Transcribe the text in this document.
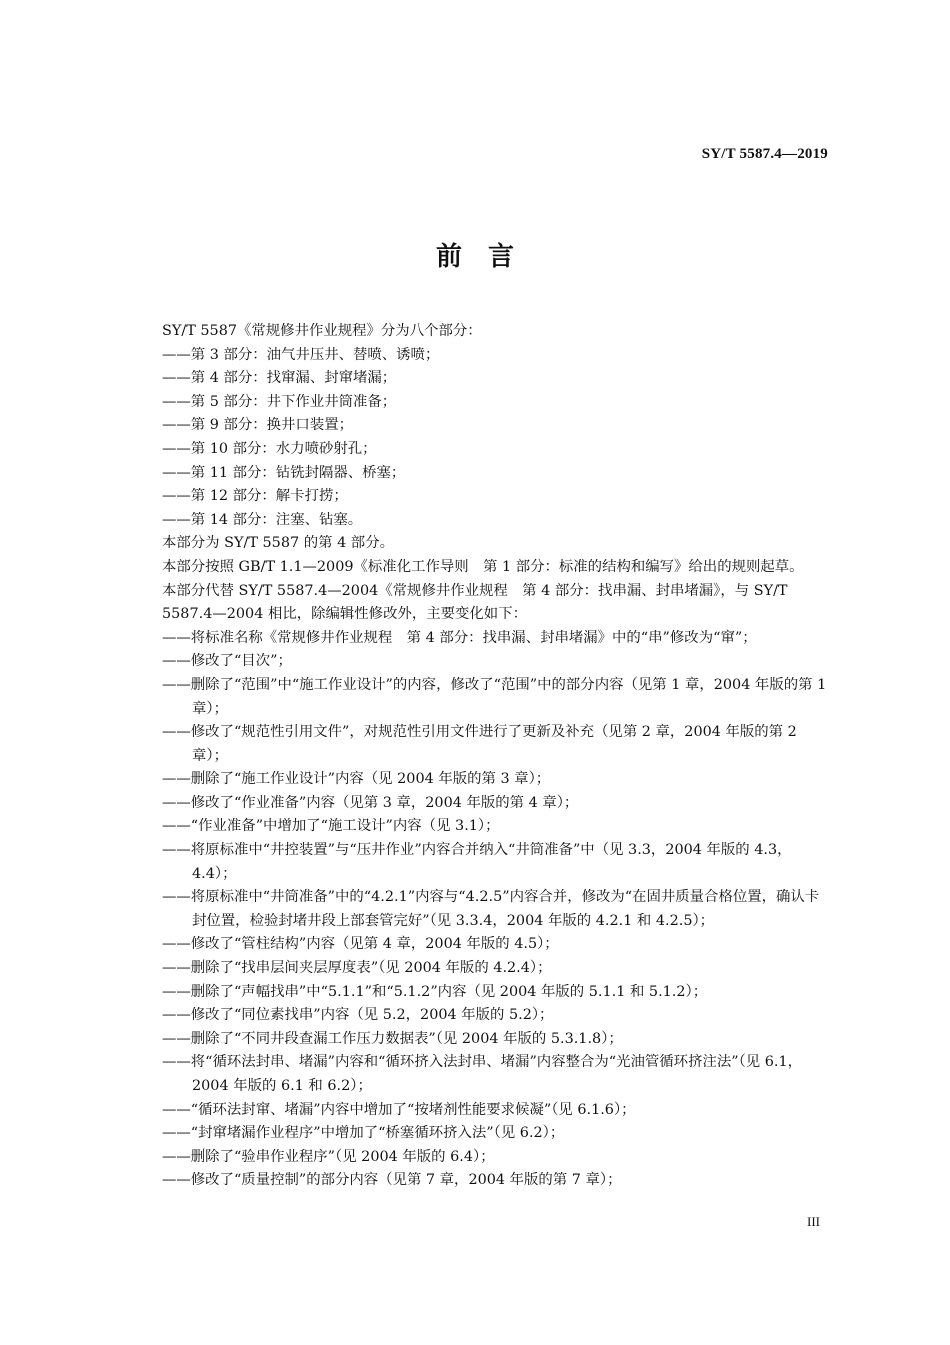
SY/T 5587.4—2019
前　言

SY/T 5587《常规修井作业规程》分为八个部分：

——第 3 部分：油气井压井、替喷、诱喷；

——第 4 部分：找窜漏、封窜堵漏；

——第 5 部分：井下作业井筒准备；

——第 9 部分：换井口装置；

——第 10 部分：水力喷砂射孔；

——第 11 部分：钻铣封隔器、桥塞；

——第 12 部分：解卡打捞；

——第 14 部分：注塞、钻塞。

本部分为 SY/T 5587 的第 4 部分。

本部分按照 GB/T 1.1—2009《标准化工作导则　第 1 部分：标准的结构和编写》给出的规则起草。

本部分代替 SY/T 5587.4—2004《常规修井作业规程　第 4 部分：找串漏、封串堵漏》，与 SY/T 5587.4—2004 相比，除编辑性修改外，主要变化如下：

——将标准名称《常规修井作业规程　第 4 部分：找串漏、封串堵漏》中的“串”修改为“窜”；

——修改了“目次”；

——删除了“范围”中“施工作业设计”的内容，修改了“范围”中的部分内容（见第 1 章，2004 年版的第 1 章）；

——修改了“规范性引用文件”，对规范性引用文件进行了更新及补充（见第 2 章，2004 年版的第 2 章）；

——删除了“施工作业设计”内容（见 2004 年版的第 3 章）；

——修改了“作业准备”内容（见第 3 章，2004 年版的第 4 章）；

——“作业准备”中增加了“施工设计”内容（见 3.1）；

——将原标准中“井控装置”与“压井作业”内容合并纳入“井筒准备”中（见 3.3，2004 年版的 4.3，4.4）；

——将原标准中“井筒准备”中的“4.2.1”内容与“4.2.5”内容合并，修改为“在固井质量合格位置，确认卡封位置，检验封堵井段上部套管完好”（见 3.3.4，2004 年版的 4.2.1 和 4.2.5）；

——修改了“管柱结构”内容（见第 4 章，2004 年版的 4.5）；

——删除了“找串层间夹层厚度表”（见 2004 年版的 4.2.4）；

——删除了“声幅找串”中“5.1.1”和“5.1.2”内容（见 2004 年版的 5.1.1 和 5.1.2）；

——修改了“同位素找串”内容（见 5.2，2004 年版的 5.2）；

——删除了“不同井段查漏工作压力数据表”（见 2004 年版的 5.3.1.8）；

——将“循环法封串、堵漏”内容和“循环挤入法封串、堵漏”内容整合为“光油管循环挤注法”（见 6.1，2004 年版的 6.1 和 6.2）；

——“循环法封窜、堵漏”内容中增加了“按堵剂性能要求候凝”（见 6.1.6）；

——“封窜堵漏作业程序”中增加了“桥塞循环挤入法”（见 6.2）；

——删除了“验串作业程序”（见 2004 年版的 6.4）；

——修改了“质量控制”的部分内容（见第 7 章，2004 年版的第 7 章）；

III
